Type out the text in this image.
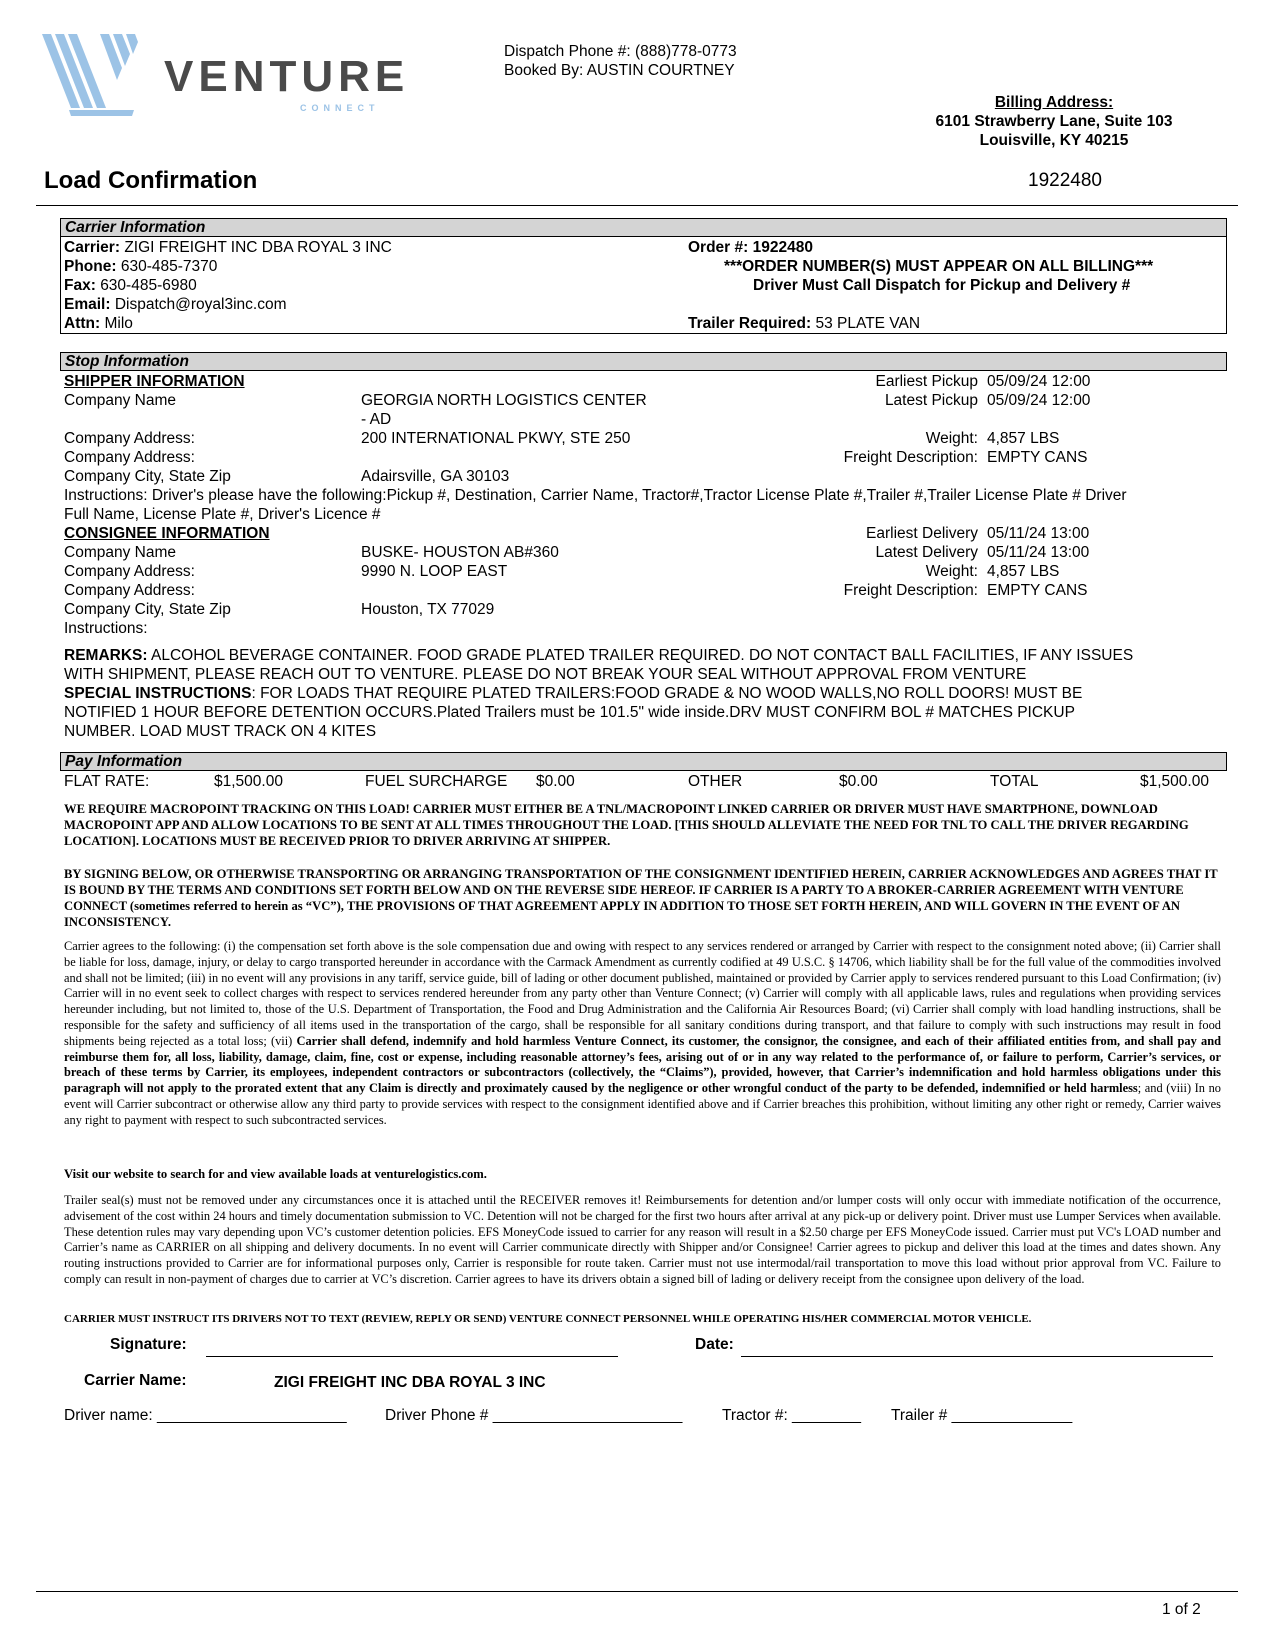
VENTURE
CONNECT
Dispatch Phone #: (888)778-0773
Booked By: AUSTIN COURTNEY
Billing Address:
6101 Strawberry Lane, Suite 103
Louisville, KY 40215
Load Confirmation	1922480
Carrier Information
Carrier: ZIGI FREIGHT INC DBA ROYAL 3 INC
Phone: 630-485-7370
Fax: 630-485-6980
Email: Dispatch@royal3inc.com
Attn: Milo
Order #: 1922480
***ORDER NUMBER(S) MUST APPEAR ON ALL BILLING***
Driver Must Call Dispatch for Pickup and Delivery #
Trailer Required: 53 PLATE VAN
Stop Information
SHIPPER INFORMATION
Company Name	GEORGIA NORTH LOGISTICS CENTER
- AD
Company Address:	200 INTERNATIONAL PKWY, STE 250
Company Address:
Company City, State Zip	Adairsville, GA 30103
Earliest Pickup 05/09/24 12:00
Latest Pickup 05/09/24 12:00
Weight: 4,857 LBS
Freight Description: EMPTY CANS
Instructions: Driver's please have the following:Pickup #, Destination, Carrier Name, Tractor#,Tractor License Plate #,Trailer #,Trailer License Plate # Driver
Full Name, License Plate #, Driver's Licence #
CONSIGNEE INFORMATION
Company Name	BUSKE- HOUSTON AB#360
Company Address:	9990 N. LOOP EAST
Company Address:
Company City, State Zip	Houston, TX 77029
Instructions:
Earliest Delivery 05/11/24 13:00
Latest Delivery 05/11/24 13:00
Weight: 4,857 LBS
Freight Description: EMPTY CANS
REMARKS: ALCOHOL BEVERAGE CONTAINER. FOOD GRADE PLATED TRAILER REQUIRED. DO NOT CONTACT BALL FACILITIES, IF ANY ISSUES
WITH SHIPMENT, PLEASE REACH OUT TO VENTURE. PLEASE DO NOT BREAK YOUR SEAL WITHOUT APPROVAL FROM VENTURE
SPECIAL INSTRUCTIONS: FOR LOADS THAT REQUIRE PLATED TRAILERS:FOOD GRADE & NO WOOD WALLS,NO ROLL DOORS! MUST BE
NOTIFIED 1 HOUR BEFORE DETENTION OCCURS.Plated Trailers must be 101.5" wide inside.DRV MUST CONFIRM BOL # MATCHES PICKUP
NUMBER. LOAD MUST TRACK ON 4 KITES
Pay Information
FLAT RATE:	$1,500.00	FUEL SURCHARGE $0.00	OTHER	$0.00	TOTAL	$1,500.00
WE REQUIRE MACROPOINT TRACKING ON THIS LOAD! CARRIER MUST EITHER BE A TNL/MACROPOINT LINKED CARRIER OR DRIVER MUST HAVE SMARTPHONE, DOWNLOAD MACROPOINT APP AND ALLOW LOCATIONS TO BE SENT AT ALL TIMES THROUGHOUT THE LOAD. [THIS SHOULD ALLEVIATE THE NEED FOR TNL TO CALL THE DRIVER REGARDING LOCATION]. LOCATIONS MUST BE RECEIVED PRIOR TO DRIVER ARRIVING AT SHIPPER.
BY SIGNING BELOW, OR OTHERWISE TRANSPORTING OR ARRANGING TRANSPORTATION OF THE CONSIGNMENT IDENTIFIED HEREIN, CARRIER ACKNOWLEDGES AND AGREES THAT IT IS BOUND BY THE TERMS AND CONDITIONS SET FORTH BELOW AND ON THE REVERSE SIDE HEREOF. IF CARRIER IS A PARTY TO A BROKER-CARRIER AGREEMENT WITH VENTURE CONNECT (sometimes referred to herein as “VC”), THE PROVISIONS OF THAT AGREEMENT APPLY IN ADDITION TO THOSE SET FORTH HEREIN, AND WILL GOVERN IN THE EVENT OF AN INCONSISTENCY.
Carrier agrees to the following: (i) the compensation set forth above is the sole compensation due and owing with respect to any services rendered or arranged by Carrier with respect to the consignment noted above; (ii) Carrier shall be liable for loss, damage, injury, or delay to cargo transported hereunder in accordance with the Carmack Amendment as currently codified at 49 U.S.C. § 14706, which liability shall be for the full value of the commodities involved and shall not be limited; (iii) in no event will any provisions in any tariff, service guide, bill of lading or other document published, maintained or provided by Carrier apply to services rendered pursuant to this Load Confirmation; (iv) Carrier will in no event seek to collect charges with respect to services rendered hereunder from any party other than Venture Connect; (v) Carrier will comply with all applicable laws, rules and regulations when providing services hereunder including, but not limited to, those of the U.S. Department of Transportation, the Food and Drug Administration and the California Air Resources Board; (vi) Carrier shall comply with load handling instructions, shall be responsible for the safety and sufficiency of all items used in the transportation of the cargo, shall be responsible for all sanitary conditions during transport, and that failure to comply with such instructions may result in food shipments being rejected as a total loss; (vii) Carrier shall defend, indemnify and hold harmless Venture Connect, its customer, the consignor, the consignee, and each of their affiliated entities from, and shall pay and reimburse them for, all loss, liability, damage, claim, fine, cost or expense, including reasonable attorney’s fees, arising out of or in any way related to the performance of, or failure to perform, Carrier’s services, or breach of these terms by Carrier, its employees, independent contractors or subcontractors (collectively, the “Claims”), provided, however, that Carrier’s indemnification and hold harmless obligations under this paragraph will not apply to the prorated extent that any Claim is directly and proximately caused by the negligence or other wrongful conduct of the party to be defended, indemnified or held harmless; and (viii) In no event will Carrier subcontract or otherwise allow any third party to provide services with respect to the consignment identified above and if Carrier breaches this prohibition, without limiting any other right or remedy, Carrier waives any right to payment with respect to such subcontracted services.
Visit our website to search for and view available loads at venturelogistics.com.
Trailer seal(s) must not be removed under any circumstances once it is attached until the RECEIVER removes it! Reimbursements for detention and/or lumper costs will only occur with immediate notification of the occurrence, advisement of the cost within 24 hours and timely documentation submission to VC. Detention will not be charged for the first two hours after arrival at any pick-up or delivery point. Driver must use Lumper Services when available. These detention rules may vary depending upon VC’s customer detention policies. EFS MoneyCode issued to carrier for any reason will result in a $2.50 charge per EFS MoneyCode issued. Carrier must put VC's LOAD number and Carrier’s name as CARRIER on all shipping and delivery documents. In no event will Carrier communicate directly with Shipper and/or Consignee! Carrier agrees to pickup and deliver this load at the times and dates shown. Any routing instructions provided to Carrier are for informational purposes only, Carrier is responsible for route taken. Carrier must not use intermodal/rail transportation to move this load without prior approval from VC. Failure to comply can result in non-payment of charges due to carrier at VC’s discretion. Carrier agrees to have its drivers obtain a signed bill of lading or delivery receipt from the consignee upon delivery of the load.
CARRIER MUST INSTRUCT ITS DRIVERS NOT TO TEXT (REVIEW, REPLY OR SEND) VENTURE CONNECT PERSONNEL WHILE OPERATING HIS/HER COMMERCIAL MOTOR VEHICLE.
Signature:	Date:
Carrier Name:	ZIGI FREIGHT INC DBA ROYAL 3 INC
Driver name: ______________________ Driver Phone # ______________________	Tractor #: ________ Trailer # ______________
1 of 2
